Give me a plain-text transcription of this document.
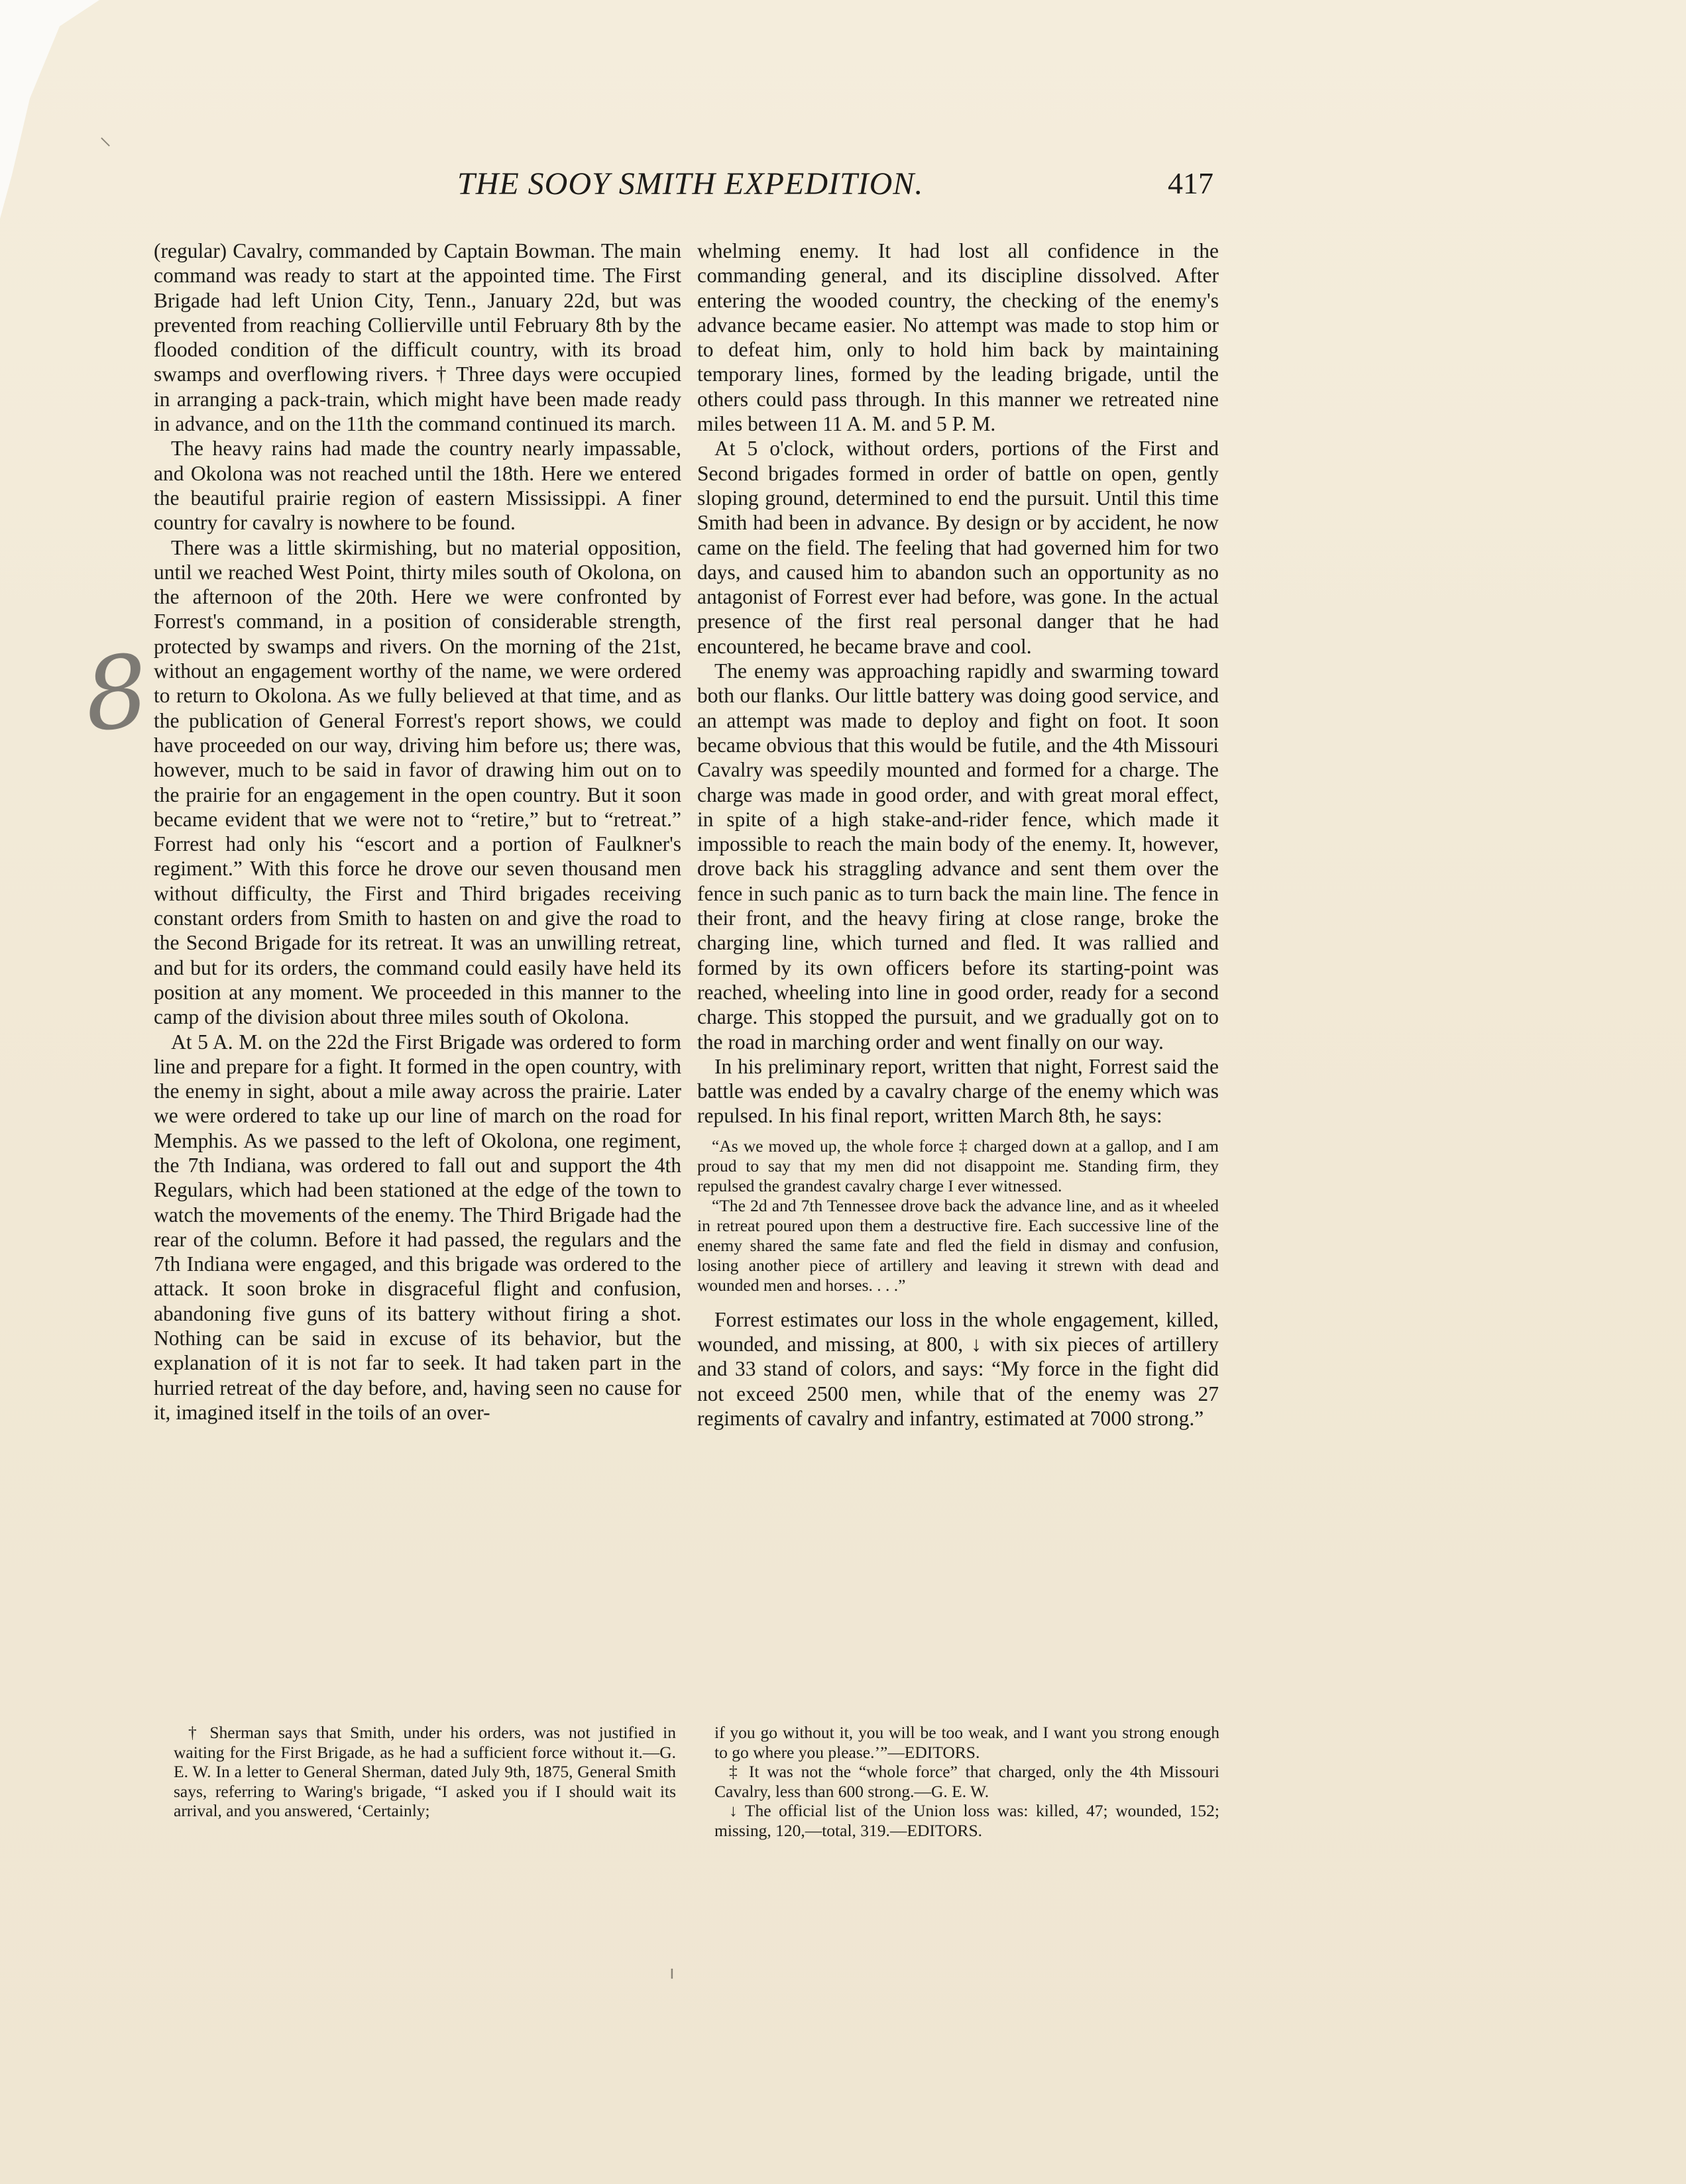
⸜
ı
8
THE SOOY SMITH EXPEDITION.	417

(regular) Cavalry, commanded by Captain Bowman. The main command was ready to start at the appointed time. The First Brigade had left Union City, Tenn., January 22d, but was prevented from reaching Collierville until February 8th by the flooded condition of the difficult country, with its broad swamps and overflowing rivers. † Three days were occupied in arranging a pack-train, which might have been made ready in advance, and on the 11th the command continued its march.

The heavy rains had made the country nearly impassable, and Okolona was not reached until the 18th. Here we entered the beautiful prairie region of eastern Mississippi. A finer country for cavalry is nowhere to be found.

There was a little skirmishing, but no material opposition, until we reached West Point, thirty miles south of Okolona, on the afternoon of the 20th. Here we were confronted by Forrest's command, in a position of considerable strength, protected by swamps and rivers. On the morning of the 21st, without an engagement worthy of the name, we were ordered to return to Okolona. As we fully believed at that time, and as the publication of General Forrest's report shows, we could have proceeded on our way, driving him before us; there was, however, much to be said in favor of drawing him out on to the prairie for an engagement in the open country. But it soon became evident that we were not to “retire,” but to “retreat.” Forrest had only his “escort and a portion of Faulkner's regiment.” With this force he drove our seven thousand men without difficulty, the First and Third brigades receiving constant orders from Smith to hasten on and give the road to the Second Brigade for its retreat. It was an unwilling retreat, and but for its orders, the command could easily have held its position at any moment. We proceeded in this manner to the camp of the division about three miles south of Okolona.

At 5 A. M. on the 22d the First Brigade was ordered to form line and prepare for a fight. It formed in the open country, with the enemy in sight, about a mile away across the prairie. Later we were ordered to take up our line of march on the road for Memphis. As we passed to the left of Okolona, one regiment, the 7th Indiana, was ordered to fall out and support the 4th Regulars, which had been stationed at the edge of the town to watch the movements of the enemy. The Third Brigade had the rear of the column. Before it had passed, the regulars and the 7th Indiana were engaged, and this brigade was ordered to the attack. It soon broke in disgraceful flight and confusion, abandoning five guns of its battery without firing a shot. Nothing can be said in excuse of its behavior, but the explanation of it is not far to seek. It had taken part in the hurried retreat of the day before, and, having seen no cause for it, imagined itself in the toils of an over-

whelming enemy. It had lost all confidence in the commanding general, and its discipline dissolved. After entering the wooded country, the checking of the enemy's advance became easier. No attempt was made to stop him or to defeat him, only to hold him back by maintaining temporary lines, formed by the leading brigade, until the others could pass through. In this manner we retreated nine miles between 11 A. M. and 5 P. M.

At 5 o'clock, without orders, portions of the First and Second brigades formed in order of battle on open, gently sloping ground, determined to end the pursuit. Until this time Smith had been in advance. By design or by accident, he now came on the field. The feeling that had governed him for two days, and caused him to abandon such an opportunity as no antagonist of Forrest ever had before, was gone. In the actual presence of the first real personal danger that he had encountered, he became brave and cool.

The enemy was approaching rapidly and swarming toward both our flanks. Our little battery was doing good service, and an attempt was made to deploy and fight on foot. It soon became obvious that this would be futile, and the 4th Missouri Cavalry was speedily mounted and formed for a charge. The charge was made in good order, and with great moral effect, in spite of a high stake-and-rider fence, which made it impossible to reach the main body of the enemy. It, however, drove back his straggling advance and sent them over the fence in such panic as to turn back the main line. The fence in their front, and the heavy firing at close range, broke the charging line, which turned and fled. It was rallied and formed by its own officers before its starting-point was reached, wheeling into line in good order, ready for a second charge. This stopped the pursuit, and we gradually got on to the road in marching order and went finally on our way.

In his preliminary report, written that night, Forrest said the battle was ended by a cavalry charge of the enemy which was repulsed. In his final report, written March 8th, he says:

“As we moved up, the whole force ‡ charged down at a gallop, and I am proud to say that my men did not disappoint me. Standing firm, they repulsed the grandest cavalry charge I ever witnessed.

“The 2d and 7th Tennessee drove back the advance line, and as it wheeled in retreat poured upon them a destructive fire. Each successive line of the enemy shared the same fate and fled the field in dismay and confusion, losing another piece of artillery and leaving it strewn with dead and wounded men and horses. . . .”

Forrest estimates our loss in the whole engagement, killed, wounded, and missing, at 800, ↓ with six pieces of artillery and 33 stand of colors, and says: “My force in the fight did not exceed 2500 men, while that of the enemy was 27 regiments of cavalry and infantry, estimated at 7000 strong.”

† Sherman says that Smith, under his orders, was not justified in waiting for the First Brigade, as he had a sufficient force without it.—G. E. W. In a letter to General Sherman, dated July 9th, 1875, General Smith says, referring to Waring's brigade, “I asked you if I should wait its arrival, and you answered, ‘Certainly;

if you go without it, you will be too weak, and I want you strong enough to go where you please.’”—EDITORS.

‡ It was not the “whole force” that charged, only the 4th Missouri Cavalry, less than 600 strong.—G. E. W.

↓ The official list of the Union loss was: killed, 47; wounded, 152; missing, 120,—total, 319.—EDITORS.
